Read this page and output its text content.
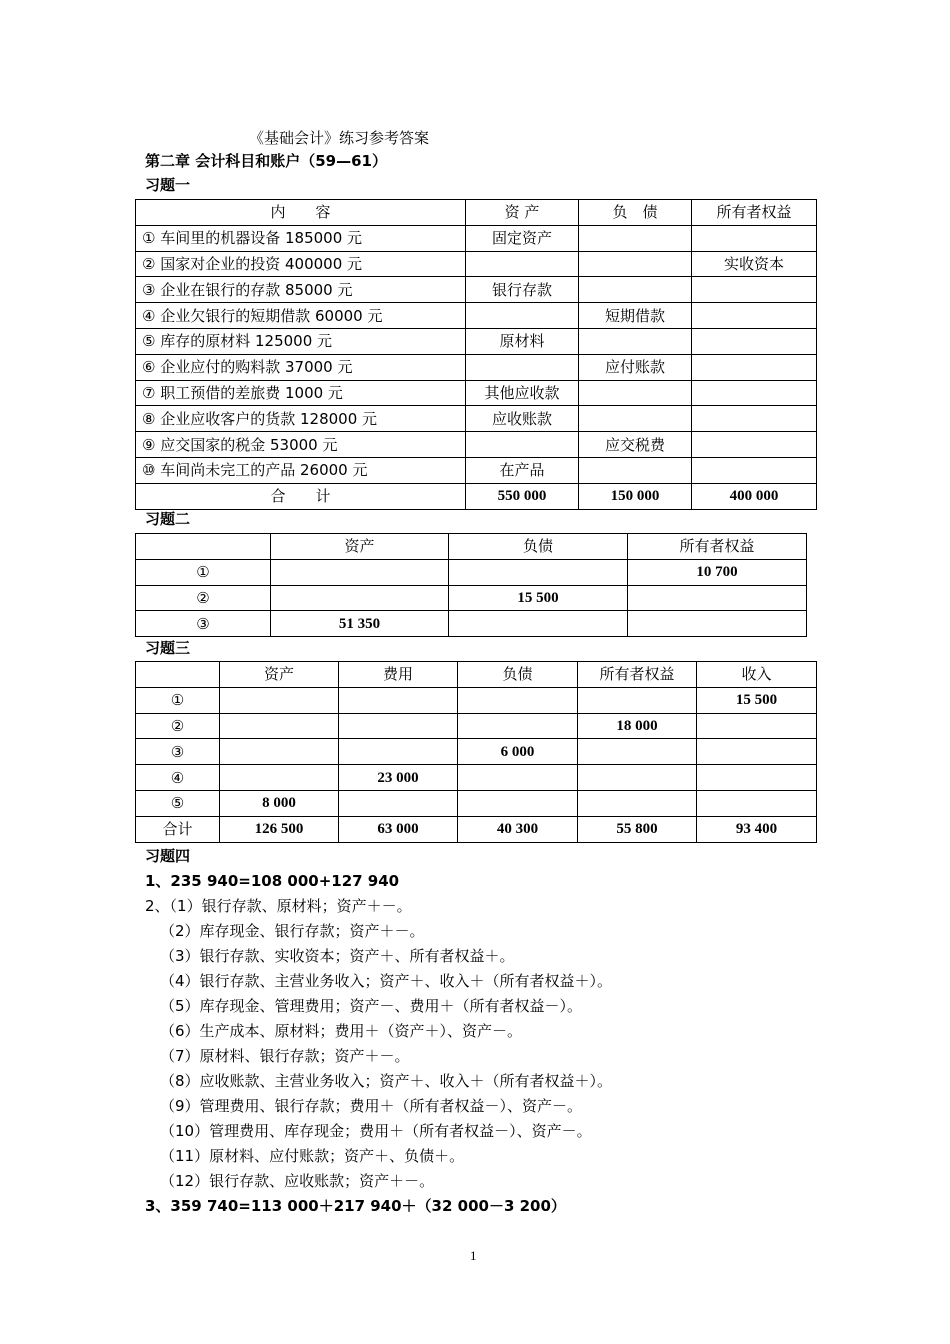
《基础会计》练习参考答案
第二章 会计科目和账户（59—61）
习题一
内　　容	资 产	负　债	所有者权益
① 车间里的机器设备 185000 元	固定资产		
② 国家对企业的投资 400000 元			实收资本
③ 企业在银行的存款 85000 元	银行存款		
④ 企业欠银行的短期借款 60000 元		短期借款	
⑤ 库存的原材料 125000 元	原材料		
⑥ 企业应付的购料款 37000 元		应付账款	
⑦ 职工预借的差旅费 1000 元	其他应收款		
⑧ 企业应收客户的货款 128000 元	应收账款		
⑨ 应交国家的税金 53000 元		应交税费	
⑩ 车间尚未完工的产品 26000 元	在产品		
合　　计	550 000	150 000	400 000
习题二
	资产	负债	所有者权益
①			10 700
②		15 500	
③	51 350		
习题三
	资产	费用	负债	所有者权益	收入
①					15 500
②				18 000	
③			6 000		
④		23 000			
⑤	8 000				
合计	126 500	63 000	40 300	55 800	93 400
习题四
1、235 940=108 000+127 940
2、（1）银行存款、原材料；资产＋－。
（2）库存现金、银行存款；资产＋－。
（3）银行存款、实收资本；资产＋、所有者权益＋。
（4）银行存款、主营业务收入；资产＋、收入＋（所有者权益＋）。
（5）库存现金、管理费用；资产－、费用＋（所有者权益－）。
（6）生产成本、原材料；费用＋（资产＋）、资产－。
（7）原材料、银行存款；资产＋－。
（8）应收账款、主营业务收入；资产＋、收入＋（所有者权益＋）。
（9）管理费用、银行存款；费用＋（所有者权益－）、资产－。
（10）管理费用、库存现金；费用＋（所有者权益－）、资产－。
（11）原材料、应付账款；资产＋、负债＋。
（12）银行存款、应收账款；资产＋－。
3、359 740=113 000＋217 940＋（32 000－3 200）
1
